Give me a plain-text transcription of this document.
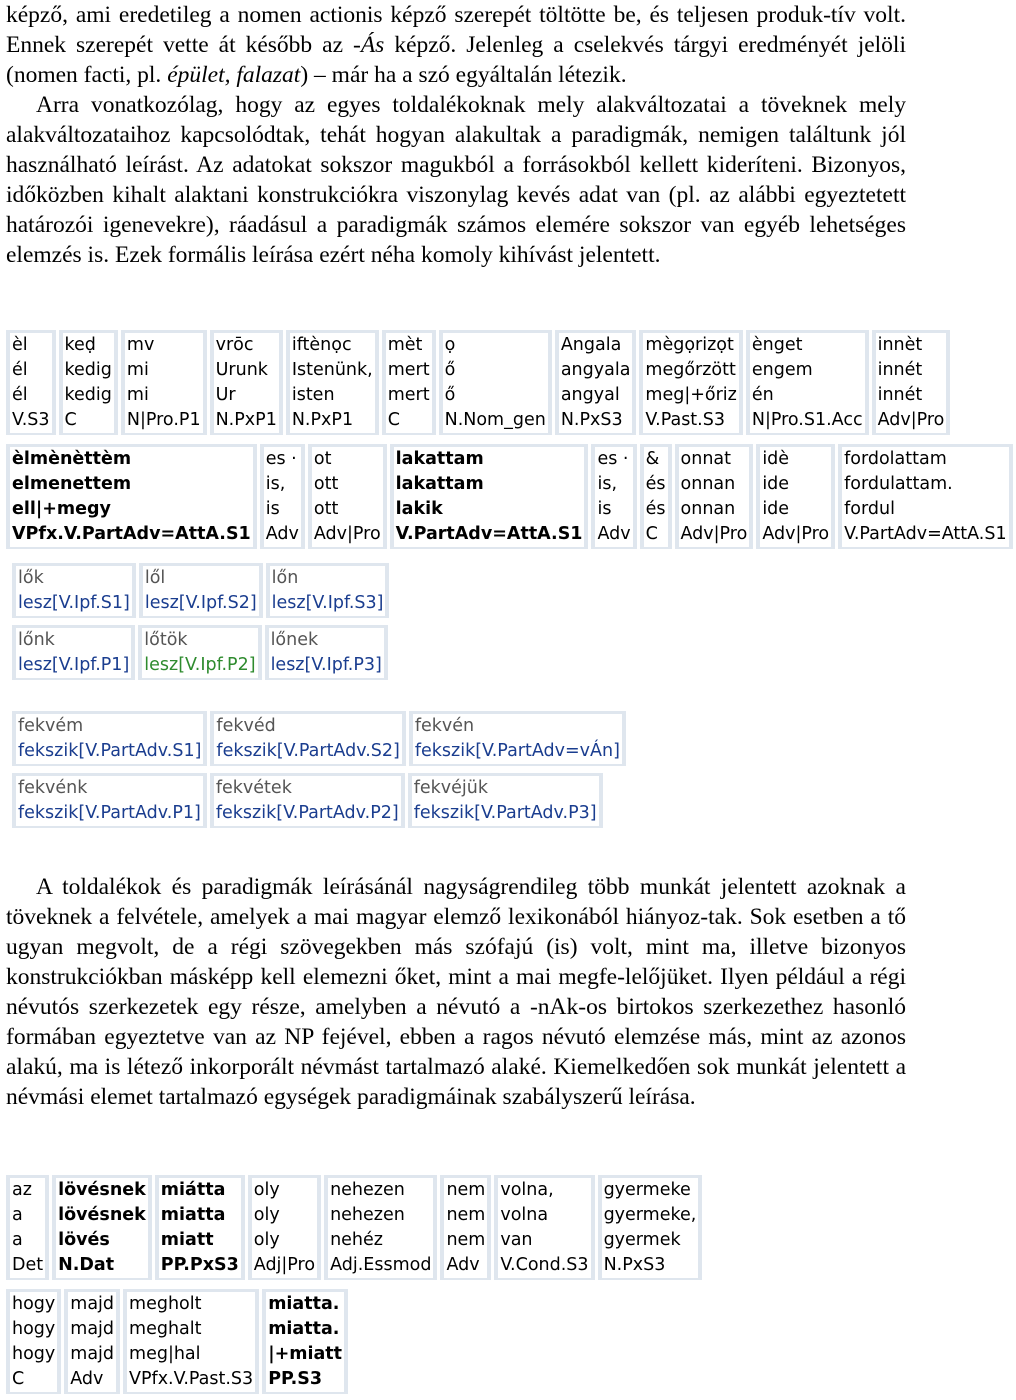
képző, ami eredetileg a nomen actionis képző szerepét töltötte be, és teljesen produk-tív volt. Ennek szerepét vette át később az -Ás képző. Jelenleg a cselekvés tárgyi eredményét jelöli (nomen facti, pl. épület, falazat) – már ha a szó egyáltalán létezik.

Arra vonatkozólag, hogy az egyes toldalékoknak mely alakváltozatai a töveknek mely alakváltozataihoz kapcsolódtak, tehát hogyan alakultak a paradigmák, nemigen találtunk jól használható leírást. Az adatokat sokszor magukból a forrásokból kellett kideríteni. Bizonyos, időközben kihalt alaktani konstrukciókra viszonylag kevés adat van (pl. az alábbi egyeztetett határozói igenevekre), ráadásul a paradigmák számos elemére sokszor van egyéb lehetséges elemzés is. Ezek formális leírása ezért néha komoly kihívást jelentett.

èl
él
él
V.S3
keḍ
kedig
kedig
C
mv
mi
mi
N|Pro.P1
vrōc
Urunk
Ur
N.PxP1
iftènọc
Istenünk,
isten
N.PxP1
mèt
mert
mert
C
ọ
ő
ő
N.Nom_gen
Angala
angyala
angyal
N.PxS3
mègọrizọt
megőrzött
meg|+őriz
V.Past.S3
ènget
engem
én
N|Pro.S1.Acc
innèt
innét
innét
Adv|Pro
èlmènèttèm
elmenettem
ell|+megy
VPfx.V.PartAdv=AttA.S1
es ·
is,
is
Adv
ot
ott
ott
Adv|Pro
lakattam
lakattam
lakik
V.PartAdv=AttA.S1
es ·
is,
is
Adv
&
és
és
C
onnat
onnan
onnan
Adv|Pro
idè
ide
ide
Adv|Pro
fordolattam
fordulattam.
fordul
V.PartAdv=AttA.S1
lők
lesz[V.Ipf.S1]
lől
lesz[V.Ipf.S2]
lőn
lesz[V.Ipf.S3]
lőnk
lesz[V.Ipf.P1]
lőtök
lesz[V.Ipf.P2]
lőnek
lesz[V.Ipf.P3]
fekvém
fekszik[V.PartAdv.S1]
fekvéd
fekszik[V.PartAdv.S2]
fekvén
fekszik[V.PartAdv=vÁn]
fekvénk
fekszik[V.PartAdv.P1]
fekvétek
fekszik[V.PartAdv.P2]
fekvéjük
fekszik[V.PartAdv.P3]

A toldalékok és paradigmák leírásánál nagyságrendileg több munkát jelentett azoknak a töveknek a felvétele, amelyek a mai magyar elemző lexikonából hiányoz-tak. Sok esetben a tő ugyan megvolt, de a régi szövegekben más szófajú (is) volt, mint ma, illetve bizonyos konstrukciókban másképp kell elemezni őket, mint a mai megfe-lelőjüket. Ilyen például a régi névutós szerkezetek egy része, amelyben a névutó a -nAk-os birtokos szerkezethez hasonló formában egyeztetve van az NP fejével, ebben a ragos névutó elemzése más, mint az azonos alakú, ma is létező inkorporált névmást tartalmazó alaké. Kiemelkedően sok munkát jelentett a névmási elemet tartalmazó egységek paradigmáinak szabályszerű leírása.

az
a
a
Det
lövésnek
lövésnek
lövés
N.Dat
miátta
miatta
miatt
PP.PxS3
oly
oly
oly
Adj|Pro
nehezen
nehezen
nehéz
Adj.Essmod
nem
nem
nem
Adv
volna,
volna
van
V.Cond.S3
gyermeke
gyermeke,
gyermek
N.PxS3
hogy
hogy
hogy
C
majd
majd
majd
Adv
megholt
meghalt
meg|hal
VPfx.V.Past.S3
miatta.
miatta.
|+miatt
PP.S3
